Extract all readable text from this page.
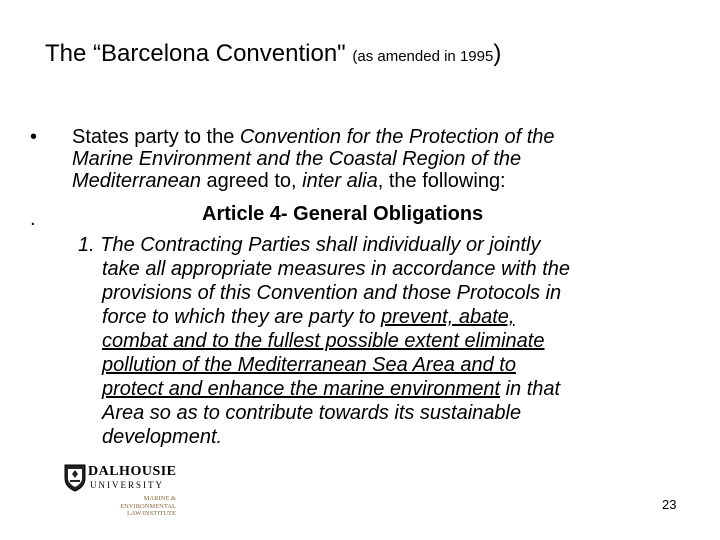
The “Barcelona Convention" (as amended in 1995)
• States party to the Convention for the Protection of the
Marine Environment and the Coastal Region of the
Mediterranean agreed to, inter alia, the following:
.	Article 4- General Obligations
1. The Contracting Parties shall individually or jointly
take all appropriate measures in accordance with the
provisions of this Convention and those Protocols in
force to which they are party to prevent, abate,
combat and to the fullest possible extent eliminate
pollution of the Mediterranean Sea Area and to
protect and enhance the marine environment in that
Area so as to contribute towards its sustainable
development.
DALHOUSIE
UNIVERSITY
MARINE &
ENVIRONMENTAL
LAW INSTITUTE
23
